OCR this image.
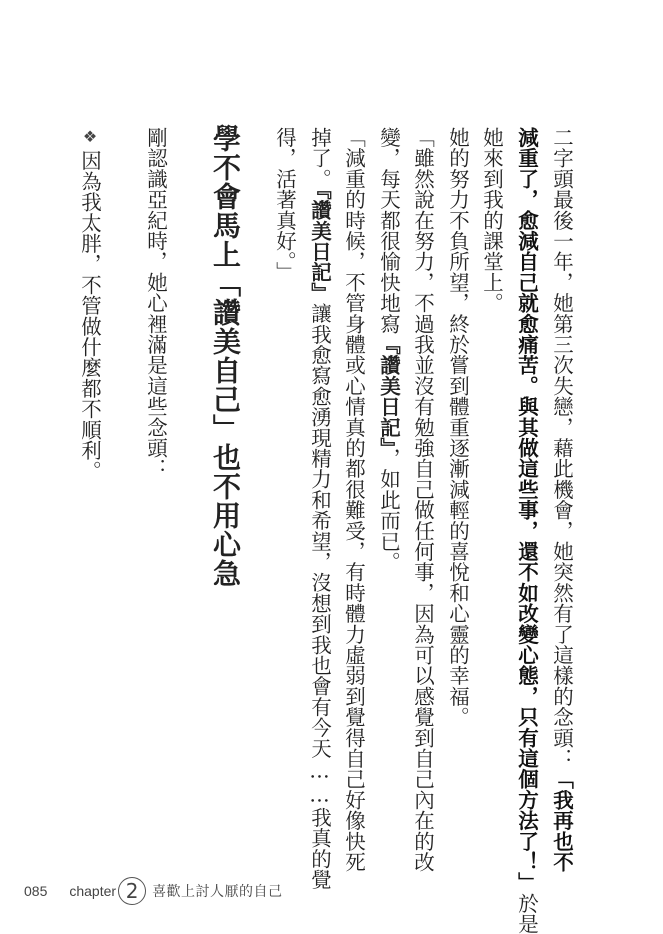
二字頭最後一年，她第三次失戀，藉此機會，她突然有了這樣的念頭：「我再也不

減重了，愈減自己就愈痛苦。與其做這些事，還不如改變心態，只有這個方法了！」於是

她來到我的課堂上。

她的努力不負所望，終於嘗到體重逐漸減輕的喜悅和心靈的幸福。

「雖然說在努力，不過我並沒有勉強自己做任何事，因為可以感覺到自己內在的改

變，每天都很愉快地寫『讚美日記』，如此而已。

「減重的時候，不管身體或心情真的都很難受，有時體力虛弱到覺得自己好像快死

掉了。『讚美日記』讓我愈寫愈湧現精力和希望，沒想到我也會有今天……我真的覺

得，活著真好。」

學不會馬上「讚美自己」也不用心急

剛認識亞紀時，她心裡滿是這些念頭：

❖因為我太胖，不管做什麼都不順利。

085 chapter 2 喜歡上討人厭的自己
